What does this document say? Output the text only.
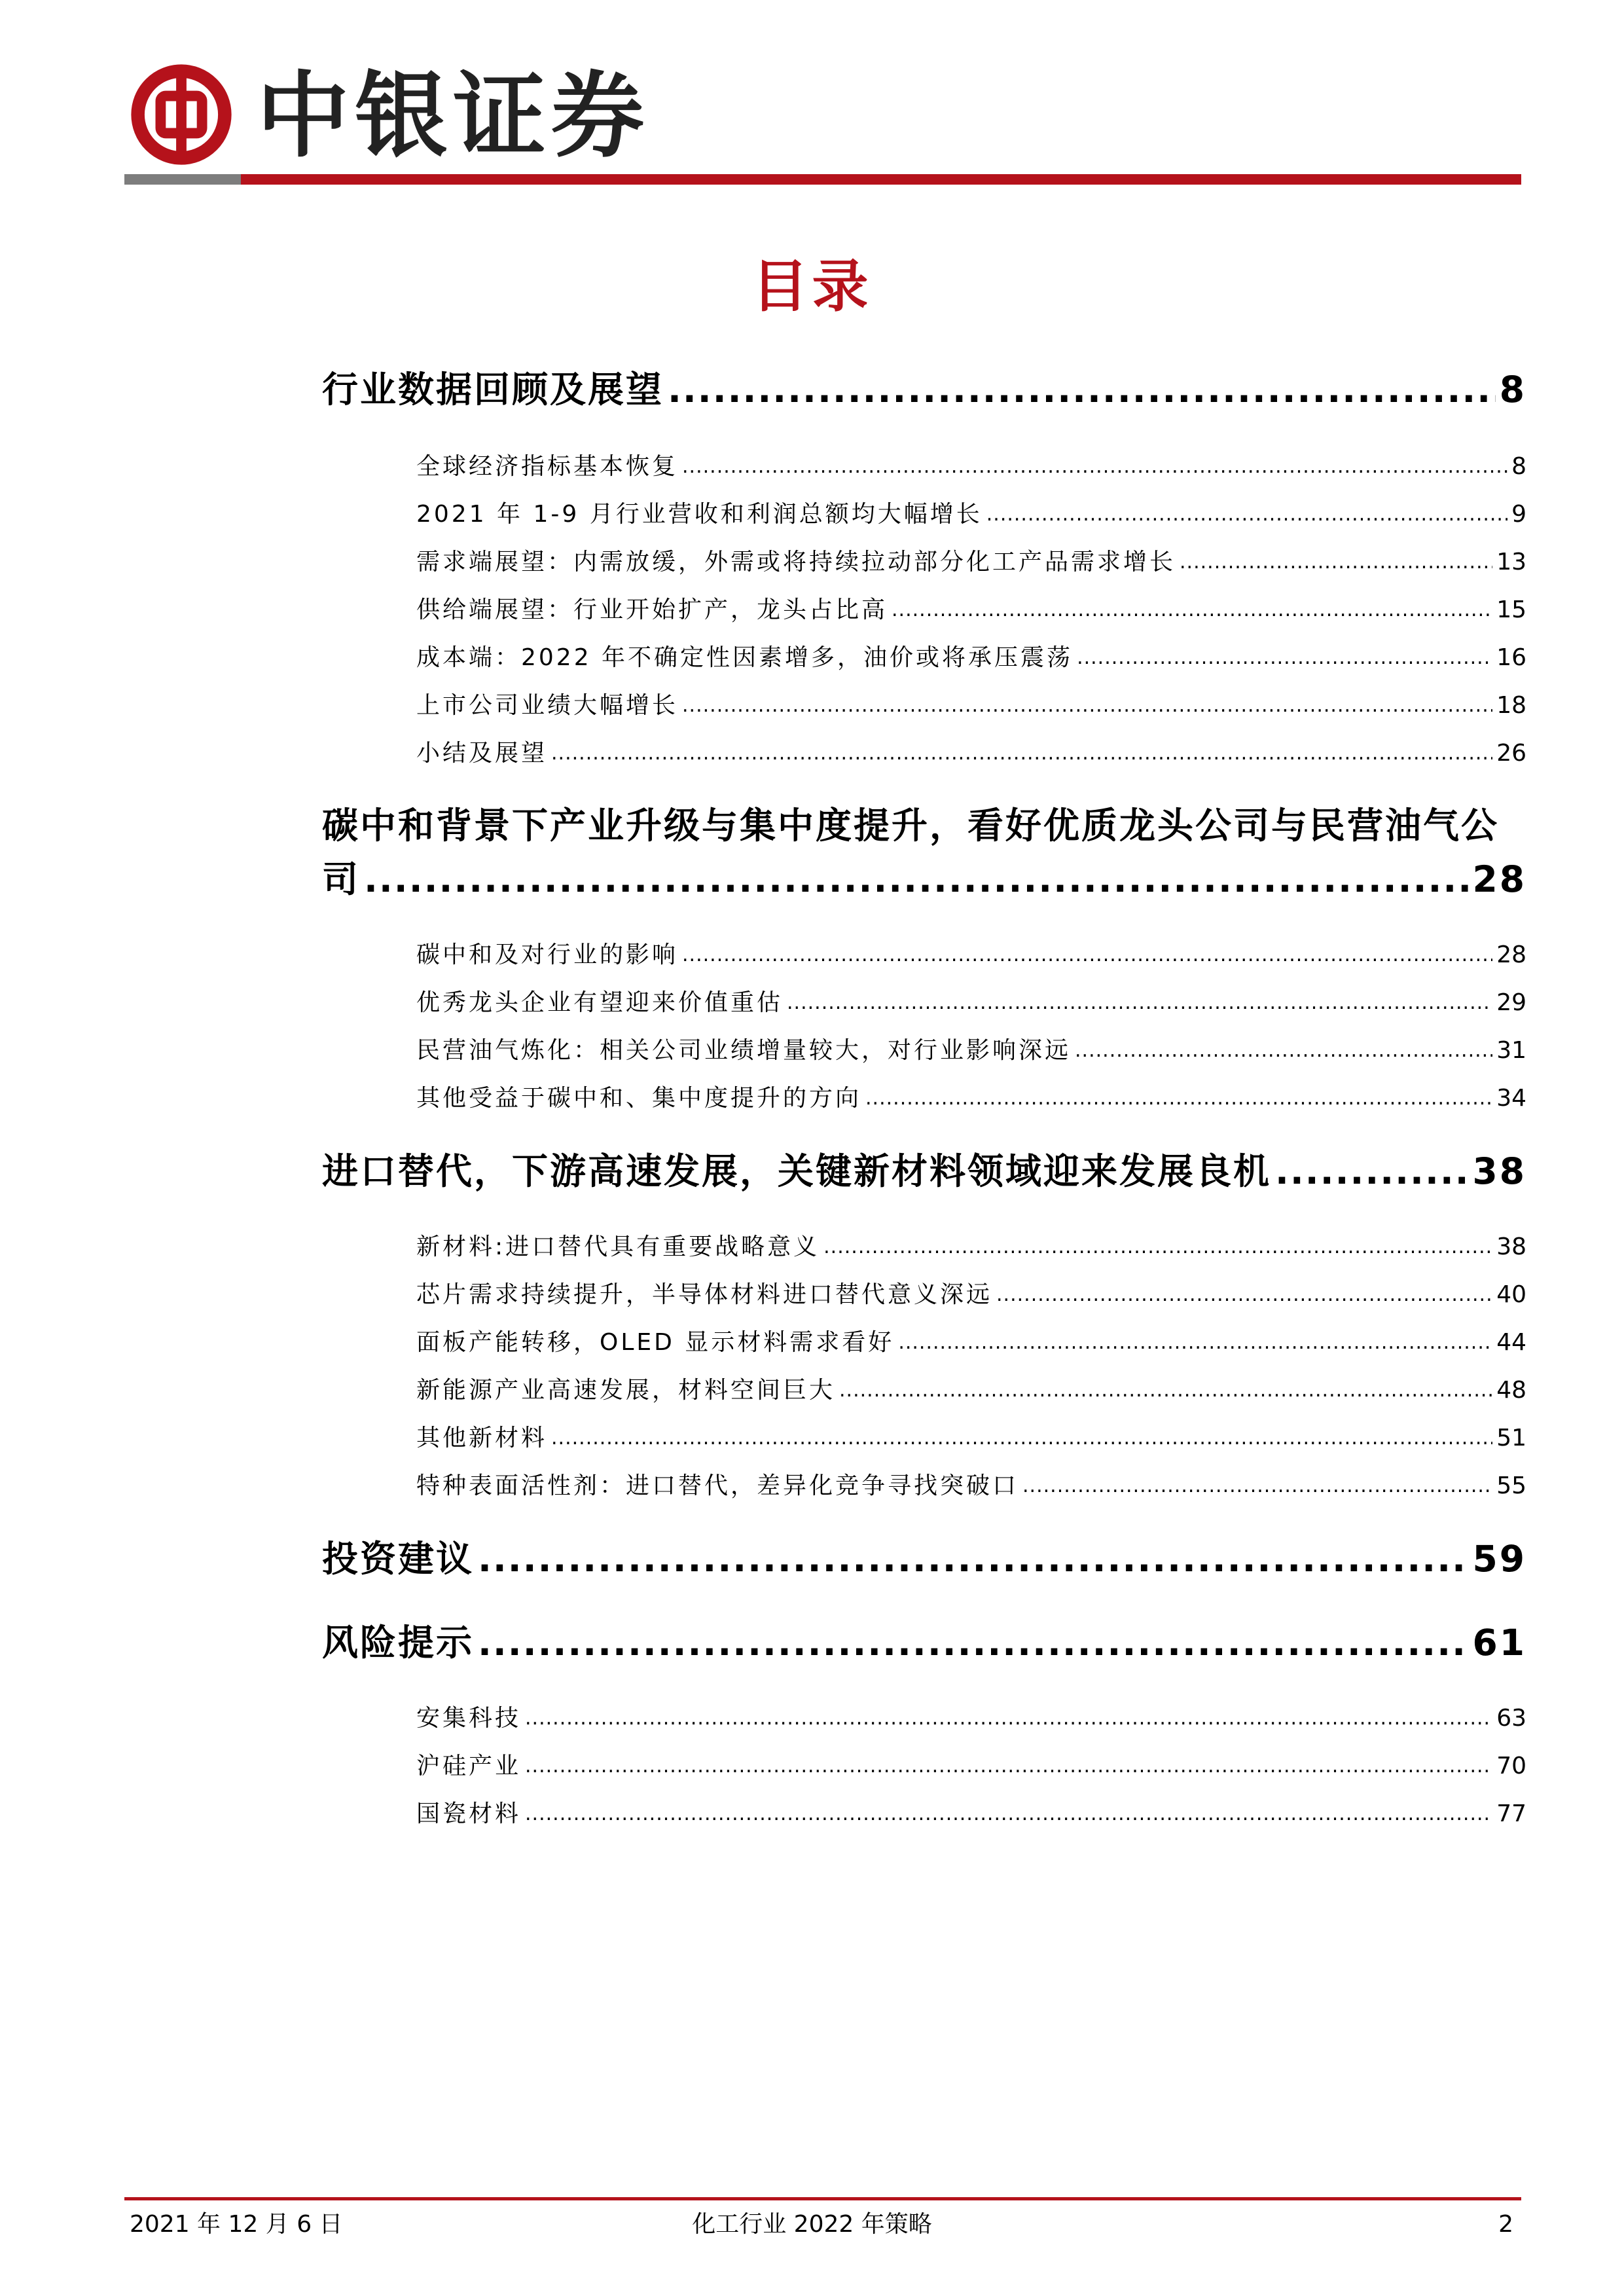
中银证券
目录
行业数据回顾及展望 .....	8
全球经济指标基本恢复 .....	8
2021 年 1-9 月行业营收和利润总额均大幅增长 .....	9
需求端展望：内需放缓，外需或将持续拉动部分化工产品需求增长 .....	13
供给端展望：行业开始扩产，龙头占比高 .....	15
成本端：2022 年不确定性因素增多，油价或将承压震荡 .....	16
上市公司业绩大幅增长 .....	18
小结及展望 .....	26
碳中和背景下产业升级与集中度提升，看好优质龙头公司与民营油气公
司 .....	28
碳中和及对行业的影响 .....	28
优秀龙头企业有望迎来价值重估 .....	29
民营油气炼化：相关公司业绩增量较大，对行业影响深远 .....	31
其他受益于碳中和、集中度提升的方向 .....	34
进口替代，下游高速发展，关键新材料领域迎来发展良机 .....	38
新材料:进口替代具有重要战略意义 .....	38
芯片需求持续提升，半导体材料进口替代意义深远 .....	40
面板产能转移，OLED 显示材料需求看好 .....	44
新能源产业高速发展，材料空间巨大 .....	48
其他新材料 .....	51
特种表面活性剂：进口替代，差异化竞争寻找突破口 .....	55
投资建议 .....	59
风险提示 .....	61
安集科技 .....	63
沪硅产业 .....	70
国瓷材料 .....	77
2021 年 12 月 6 日	化工行业 2022 年策略	2
